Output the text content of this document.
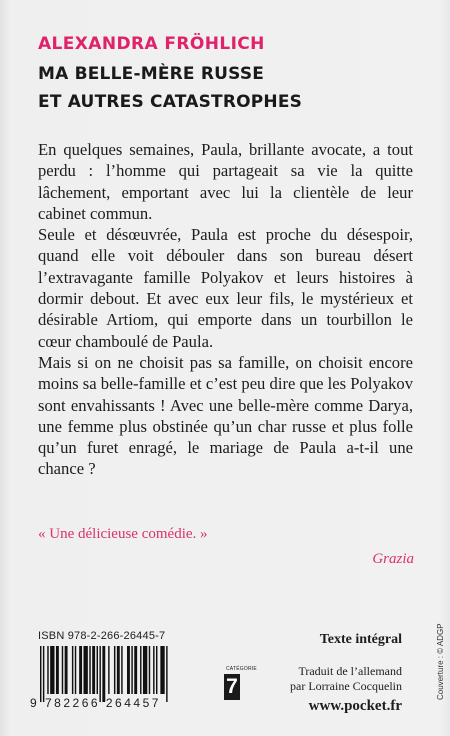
ALEXANDRA FRÖHLICH
MA BELLE-MÈRE RUSSE
ET AUTRES CATASTROPHES

En quelques semaines, Paula, brillante avocate, a tout perdu : l’homme qui partageait sa vie la quitte lâchement, emportant avec lui la clientèle de leur cabinet commun.

Seule et désœuvrée, Paula est proche du désespoir, quand elle voit débouler dans son bureau désert l’extravagante famille Polyakov et leurs histoires à dormir debout. Et avec eux leur fils, le mystérieux et désirable Artiom, qui emporte dans un tourbillon le cœur chamboulé de Paula.

Mais si on ne choisit pas sa famille, on choisit encore moins sa belle-famille et c’est peu dire que les Polyakov sont envahissants ! Avec une belle-mère comme Darya, une femme plus obstinée qu’un char russe et plus folle qu’un furet enragé, le mariage de Paula a-t-il une chance ?

« Une délicieuse comédie. »
Grazia
ISBN 978-2-266-26445-7
9 782266 264457
CATÉGORIE
7
Texte intégral
Traduit de l’allemand
par Lorraine Cocquelin
www.pocket.fr
Couverture : © ADGP
